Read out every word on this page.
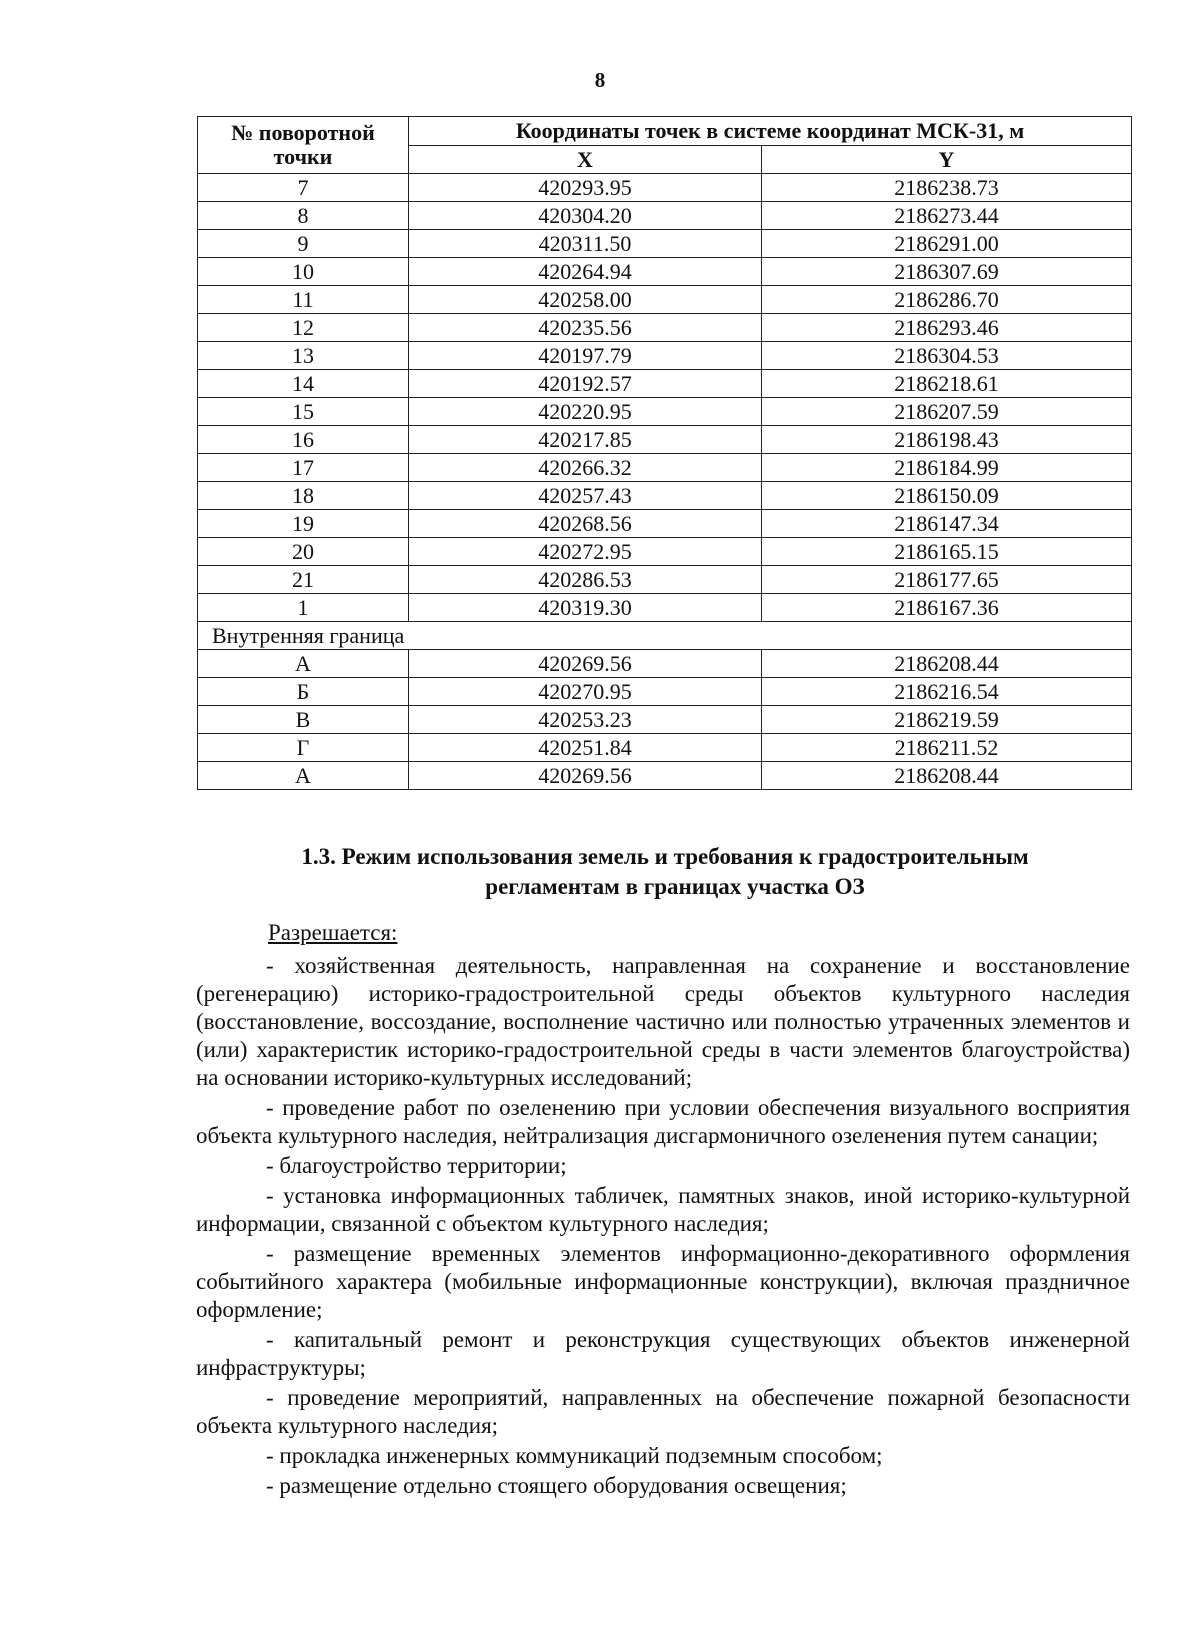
8
№ поворотной
точки	Координаты точек в системе координат МСК-31, м	
	X	Y
7	420293.95	2186238.73
8	420304.20	2186273.44
9	420311.50	2186291.00
10	420264.94	2186307.69
11	420258.00	2186286.70
12	420235.56	2186293.46
13	420197.79	2186304.53
14	420192.57	2186218.61
15	420220.95	2186207.59
16	420217.85	2186198.43
17	420266.32	2186184.99
18	420257.43	2186150.09
19	420268.56	2186147.34
20	420272.95	2186165.15
21	420286.53	2186177.65
1	420319.30	2186167.36
Внутренняя граница		
А	420269.56	2186208.44
Б	420270.95	2186216.54
В	420253.23	2186219.59
Г	420251.84	2186211.52
А	420269.56	2186208.44
1.3. Режим использования земель и требования к градостроительным
регламентам в границах участка ОЗ
Разрешается:

- хозяйственная деятельность, направленная на сохранение и восстановление (регенерацию) историко-градостроительной среды объектов культурного наследия (восстановление, воссоздание, восполнение частично или полностью утраченных элементов и (или) характеристик историко-градостроительной среды в части элементов благоустройства) на основании историко-культурных исследований;

- проведение работ по озеленению при условии обеспечения визуального восприятия объекта культурного наследия, нейтрализация дисгармоничного озеленения путем санации;

- благоустройство территории;

- установка информационных табличек, памятных знаков, иной историко-культурной информации, связанной с объектом культурного наследия;

- размещение временных элементов информационно-декоративного оформления событийного характера (мобильные информационные конструкции), включая праздничное оформление;

- капитальный ремонт и реконструкция существующих объектов инженерной инфраструктуры;

- проведение мероприятий, направленных на обеспечение пожарной безопасности объекта культурного наследия;

- прокладка инженерных коммуникаций подземным способом;

- размещение отдельно стоящего оборудования освещения;
